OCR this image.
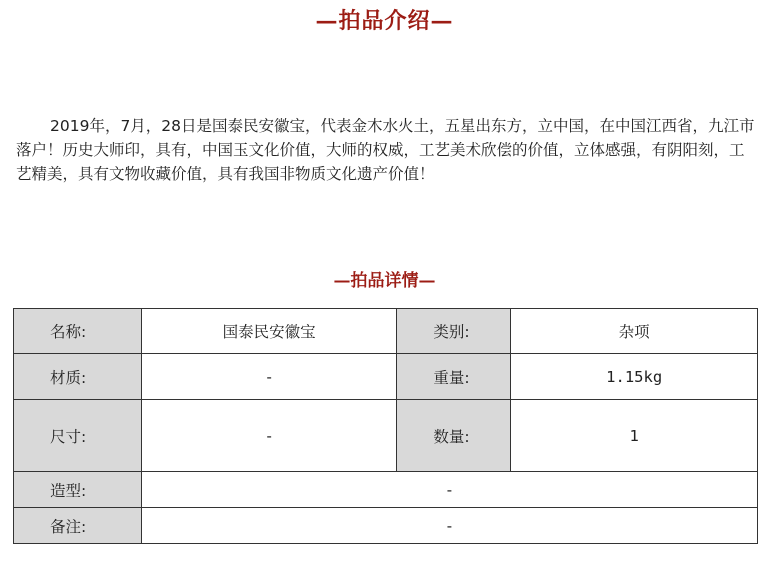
—拍品介绍—

2019年，7月，28日是国泰民安徽宝，代表金木水火土，五星出东方，立中国，在中国江西省，九江市落户！历史大师印，具有，中国玉文化价值，大师的权威，工艺美术欣偿的价值，立体感强，有阴阳刻，工艺精美，具有文物收藏价值，具有我国非物质文化遗产价值！

—拍品详情—
名称:	国泰民安徽宝	类别:	杂项
材质:	-	重量:	1.15kg
尺寸:	-	数量:	1
造型:	-		
备注:	-		
